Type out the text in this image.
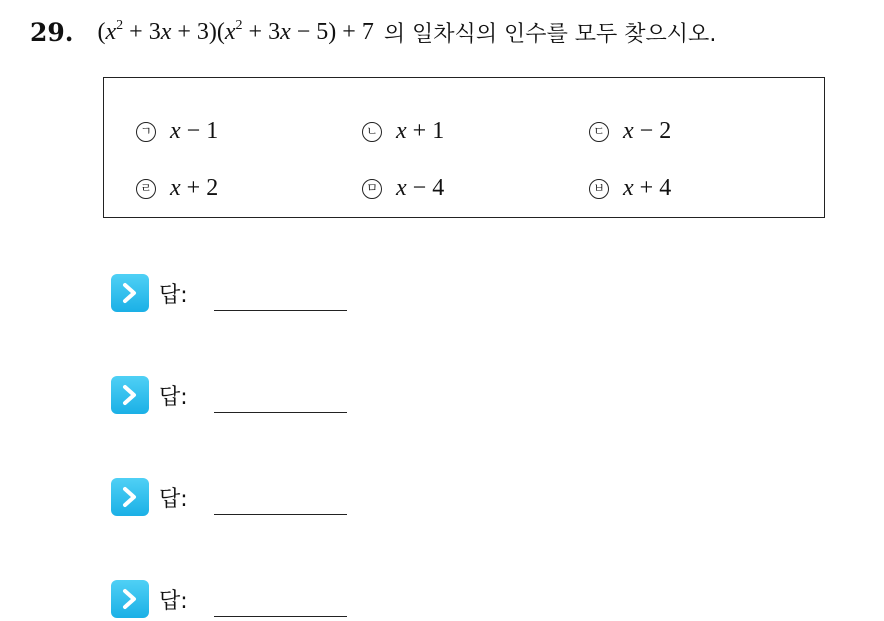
29. $(x^2 + 3x + 3)(x^2 + 3x - 5) + 7$ 의 일차식의 인수를 모두 찾으시오.
ㄱ x − 1	ㄴ x + 1	ㄷ x − 2
ㄹ x + 2	ㅁ x − 4	ㅂ x + 4
답:
답:
답:
답:
